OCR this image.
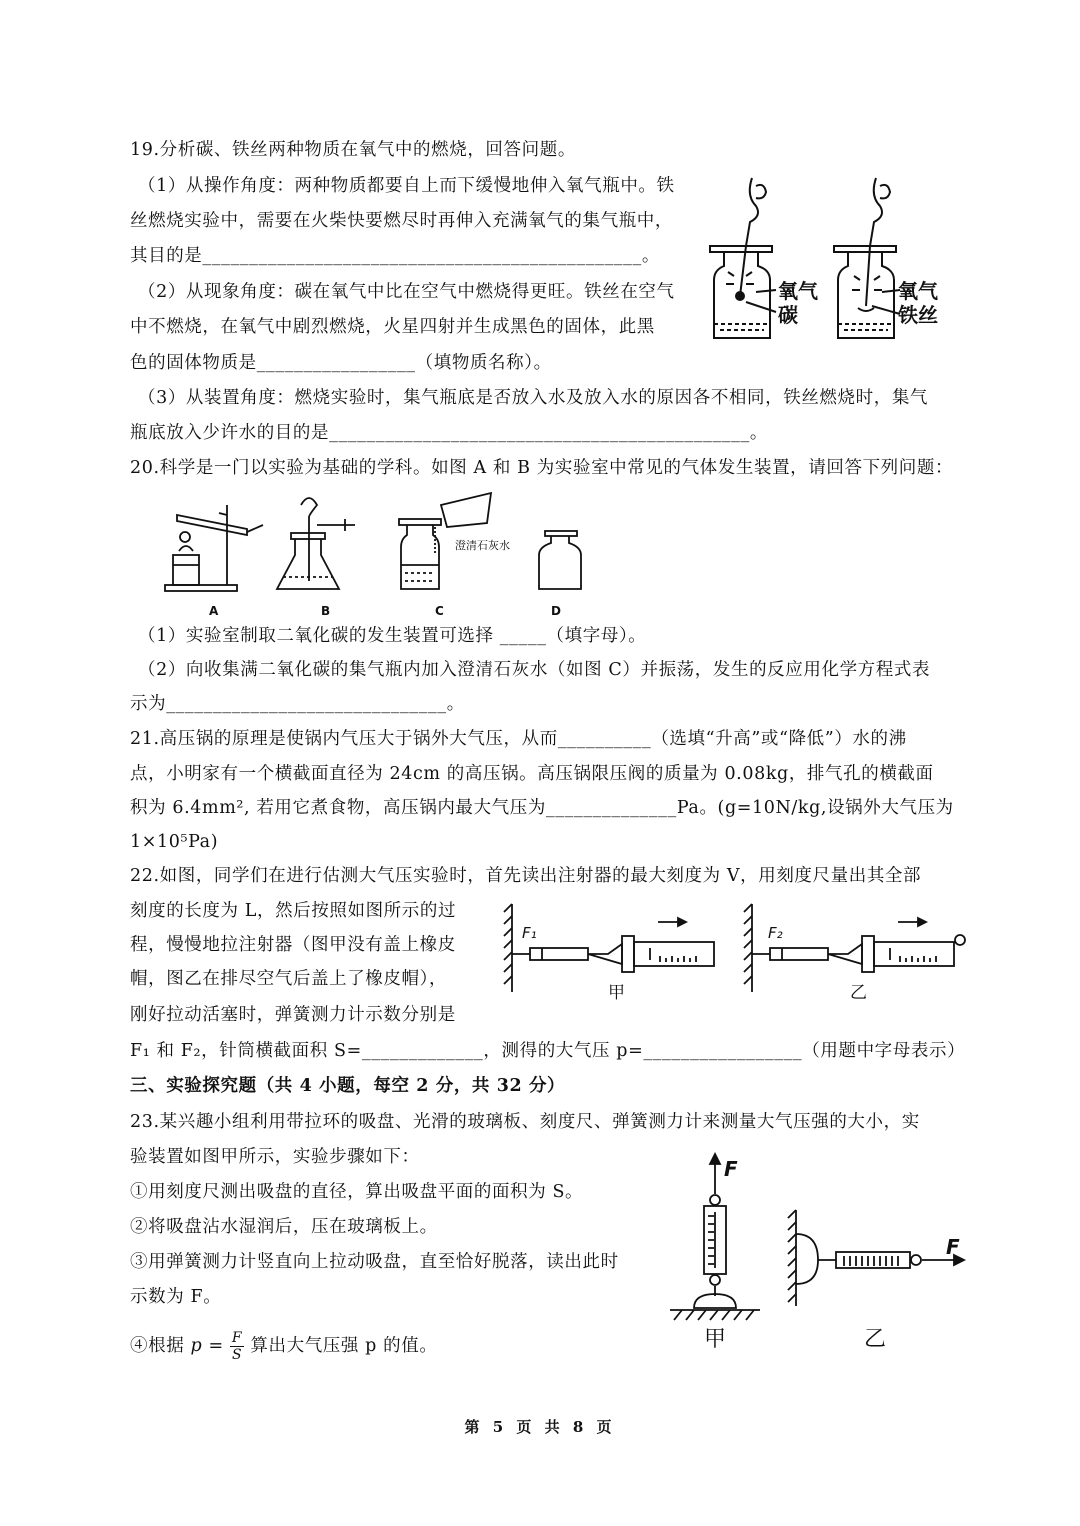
19.分析碳、铁丝两种物质在氧气中的燃烧，回答问题。
（1）从操作角度：两种物质都要自上而下缓慢地伸入氧气瓶中。铁
丝燃烧实验中，需要在火柴快要燃尽时再伸入充满氧气的集气瓶中，
其目的是_______________________________________________。
（2）从现象角度：碳在氧气中比在空气中燃烧得更旺。铁丝在空气
中不燃烧，在氧气中剧烈燃烧，火星四射并生成黑色的固体，此黑
色的固体物质是_________________（填物质名称）。
（3）从装置角度：燃烧实验时，集气瓶底是否放入水及放入水的原因各不相同，铁丝燃烧时，集气
瓶底放入少许水的目的是_____________________________________________。
氧气
碳
氧气
铁丝
20.科学是一门以实验为基础的学科。如图 A 和 B 为实验室中常见的气体发生装置，请回答下列问题：
A	B
澄清石灰水
C	D
（1）实验室制取二氧化碳的发生装置可选择 _____（填字母）。
（2）向收集满二氧化碳的集气瓶内加入澄清石灰水（如图 C）并振荡，发生的反应用化学方程式表
示为______________________________。
21.高压锅的原理是使锅内气压大于锅外大气压，从而__________（选填“升高”或“降低”）水的沸
点，小明家有一个横截面直径为 24cm 的高压锅。高压锅限压阀的质量为 0.08kg，排气孔的横截面
积为 6.4mm², 若用它煮食物，高压锅内最大气压为______________Pa。(g=10N/kg,设锅外大气压为
1×10⁵Pa)
22.如图，同学们在进行估测大气压实验时，首先读出注射器的最大刻度为 V，用刻度尺量出其全部
刻度的长度为 L，然后按照如图所示的过
程，慢慢地拉注射器（图甲没有盖上橡皮
帽，图乙在排尽空气后盖上了橡皮帽），
刚好拉动活塞时，弹簧测力计示数分别是
F₁ 和 F₂，针筒横截面积 S=_____________，测得的大气压 p=_________________（用题中字母表示）
F₁
甲
F₂
乙
三、实验探究题（共 4 小题，每空 2 分，共 32 分）
23.某兴趣小组利用带拉环的吸盘、光滑的玻璃板、刻度尺、弹簧测力计来测量大气压强的大小，实
验装置如图甲所示，实验步骤如下：
①用刻度尺测出吸盘的直径，算出吸盘平面的面积为 S。
②将吸盘沾水湿润后，压在玻璃板上。
③用弹簧测力计竖直向上拉动吸盘，直至恰好脱落，读出此时
示数为 F。
④根据 $p = \frac{F}{S}$ 算出大气压强 p 的值。
F
甲
F
乙
第 5 页 共 8 页
